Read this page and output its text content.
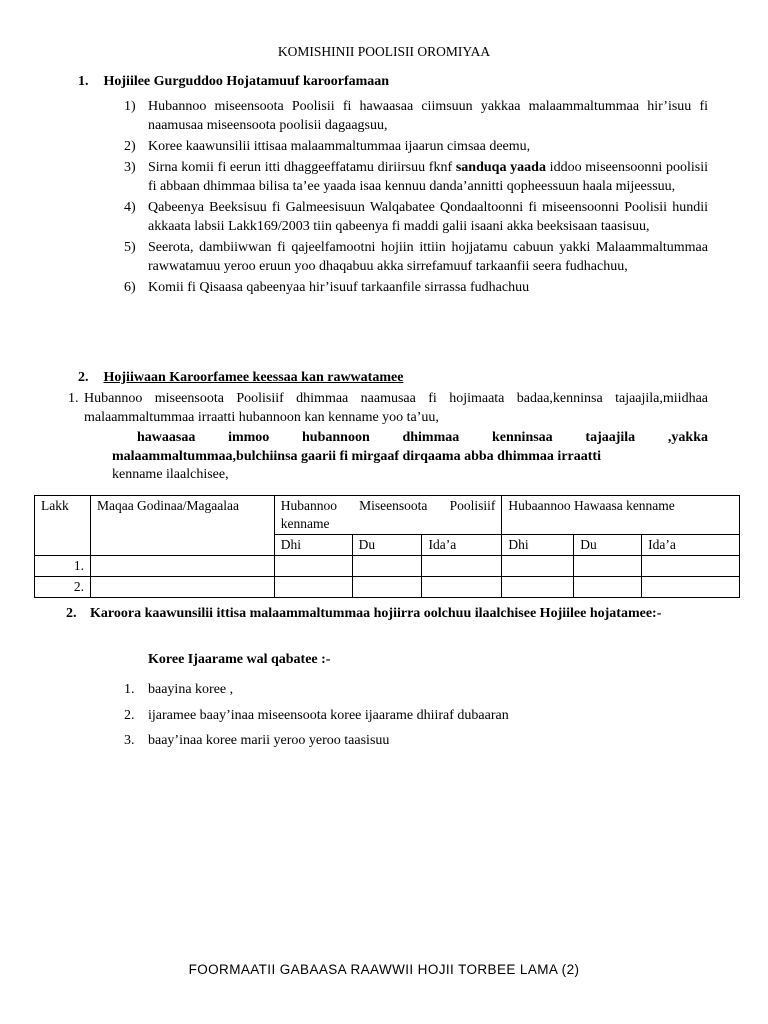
KOMISHINII POOLISII OROMIYAA
1. Hojiilee Gurguddoo Hojatamuuf karoorfamaan
1) Hubannoo miseensoota Poolisii fi hawaasaa ciimsuun yakkaa malaammaltummaa hir’isuu fi naamusaa miseensoota poolisii dagaagsuu,
2) Koree kaawunsilii ittisaa malaammaltummaa ijaarun cimsaa deemu,
3) Sirna komii fi eerun itti dhaggeeffatamu diriirsuu fknf sanduqa yaada iddoo miseensoonni poolisii fi abbaan dhimmaa bilisa ta’ee yaada isaa kennuu danda’annitti qopheessuun haala mijeessuu,
4) Qabeenya Beeksisuu fi Galmeesisuun Walqabatee Qondaaltoonni fi miseensoonni Poolisii hundii akkaata labsii Lakk169/2003 tiin qabeenya fi maddi galii isaani akka beeksisaan taasisuu,
5) Seerota, dambiiwwan fi qajeelfamootni hojiin ittiin hojjatamu cabuun yakki Malaammaltummaa rawwatamuu yeroo eruun yoo dhaqabuu akka sirrefamuuf tarkaanfii seera fudhachuu,
6) Komii fi Qisaasa qabeenyaa hir’isuuf tarkaanfile sirrassa fudhachuu
2. Hojiiwaan Karoorfamee keessaa kan rawwatamee
1. Hubannoo miseensoota Poolisiif dhimmaa naamusaa fi hojimaata badaa,kenninsa tajaajila,miidhaa malaammaltummaa irraatti hubannoon kan kenname yoo ta’uu,
hawaasaa immoo hubannoon dhimmaa kenninsaa tajaajila ,yakka
malaammaltummaa,bulchiinsa gaarii fi mirgaaf dirqaama abba dhimmaa irraatti
kenname ilaalchisee,
Lakk	Maqaa Godinaa/Magaalaa	Hubannoo Miseensoota Poolisiif kenname			Hubaannoo Hawaasa kenname		
		Dhi	Du	Ida’a	Dhi	Du	Ida’a
1.							
2.							
2. Karoora kaawunsilii ittisa malaammaltummaa hojiirra oolchuu ilaalchisee Hojiilee hojatamee:-
Koree Ijaarame wal qabatee :-
1. baayina koree ,
2. ijaramee baay’inaa miseensoota koree ijaarame dhiiraf dubaaran
3. baay’inaa koree marii yeroo yeroo taasisuu
FOORMAATII GABAASA RAAWWII HOJII TORBEE LAMA (2)
